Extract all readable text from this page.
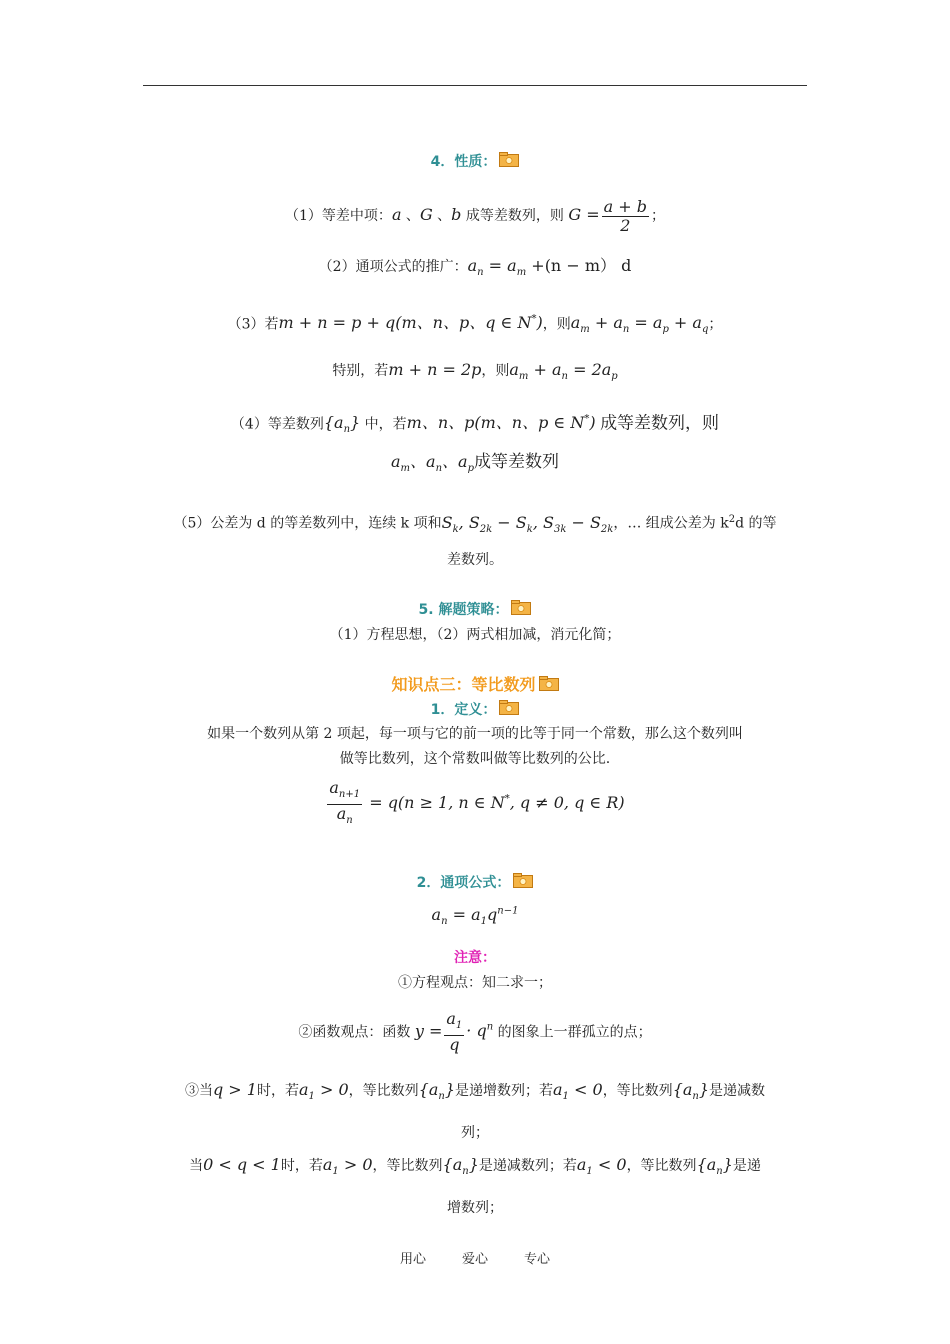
4．性质：
（1）等差中项：a 、G 、b 成等差数列，则 $G = \frac{a + b}{2}$ ；
（2）通项公式的推广：$a_n = a_m +(n - m)$ d
（3）若m + n = p + q(m、n、p、q ∈ N*)，则$a_m + a_n = a_p + a_q$；
特别，若m + n = 2p，则$a_m + a_n = 2a_p$
（4）等差数列$\{a_n\}$ 中，若m、n、p(m、n、p ∈ N*) 成等差数列，则
$a_m$、$a_n$、$a_p$成等差数列
（5）公差为 d 的等差数列中，连续 k 项和$S_k$, $S_{2k} - S_k$, $S_{3k} - S_{2k}$，… 组成公差为 $k^2d$ 的等
差数列。
5. 解题策略：
（1）方程思想，（2）两式相加减，消元化简；
知识点三：等比数列
1．定义：
如果一个数列从第 2 项起，每一项与它的前一项的比等于同一个常数，那么这个数列叫
做等比数列，这个常数叫做等比数列的公比.
$\frac{a_{n+1}}{a_n} = q(n \ge 1$, n ∈ N*, q ≠ 0, q ∈ R)
2．通项公式：
$a_n = a_1q^{n-1}$
注意：
①方程观点：知二求一；
②函数观点：函数 $y = \frac{a_1}{q} \cdot q^n$ 的图象上一群孤立的点；
③当q > 1时，若$a_1 > 0$，等比数列$\{a_n\}$是递增数列；若$a_1 < 0$，等比数列$\{a_n\}$是递减数
列；
当0 < q < 1时，若$a_1 > 0$，等比数列$\{a_n\}$是递减数列；若$a_1 < 0$，等比数列$\{a_n\}$是递
增数列；
用心	爱心	专心
